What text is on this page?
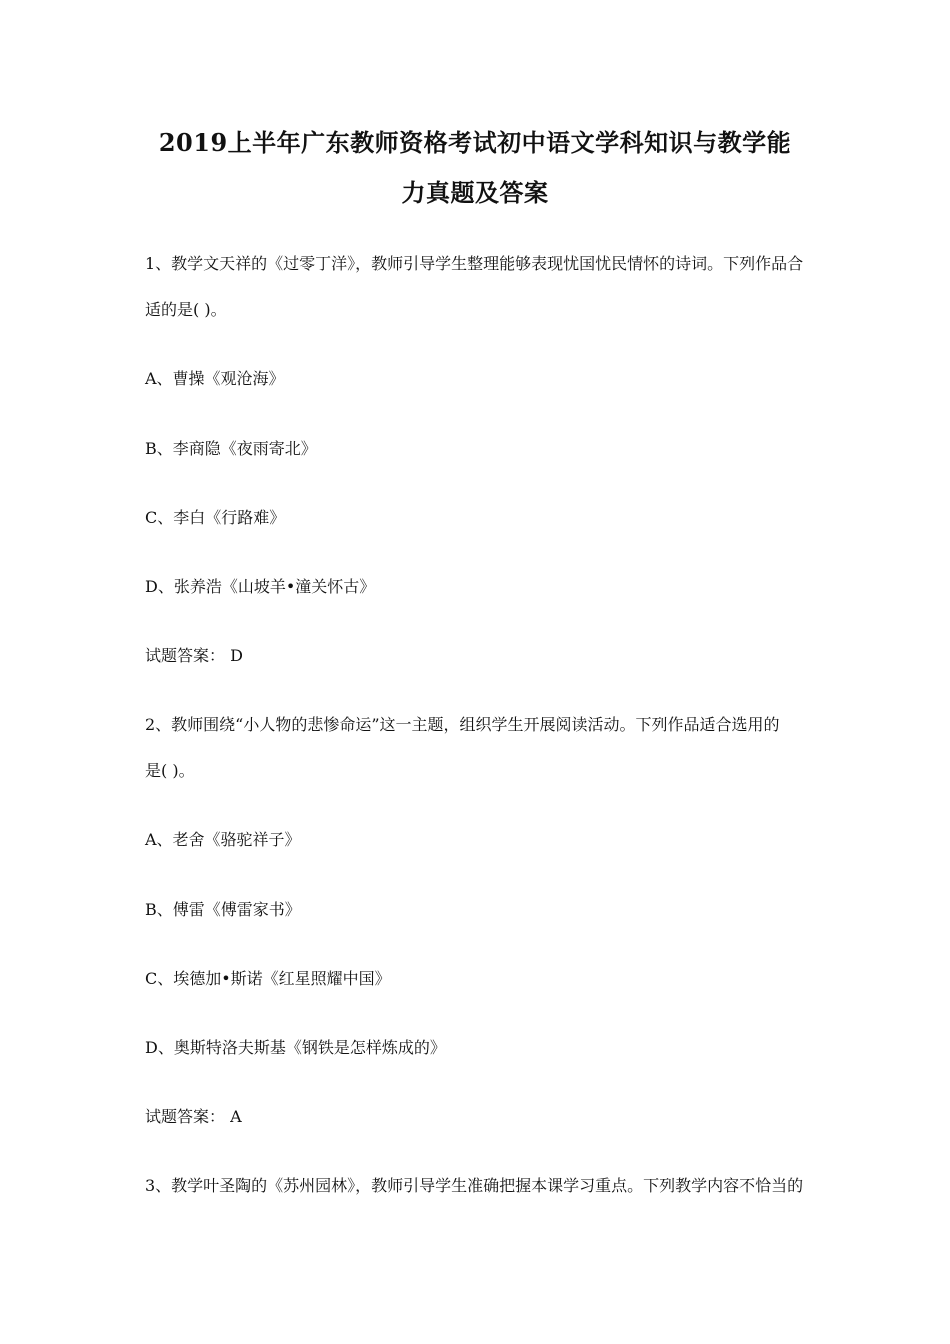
2019上半年广东教师资格考试初中语文学科知识与教学能
力真题及答案
1、教学文天祥的《过零丁洋》，教师引导学生整理能够表现忧国忧民情怀的诗词。下列作品合
适的是( )。
A、曹操《观沧海》
B、李商隐《夜雨寄北》
C、李白《行路难》
D、张养浩《山坡羊•潼关怀古》
试题答案： D
2、教师围绕“小人物的悲惨命运”这一主题，组织学生开展阅读活动。下列作品适合选用的
是( )。
A、老舍《骆驼祥子》
B、傅雷《傅雷家书》
C、埃德加•斯诺《红星照耀中国》
D、奥斯特洛夫斯基《钢铁是怎样炼成的》
试题答案： A
3、教学叶圣陶的《苏州园林》，教师引导学生准确把握本课学习重点。下列教学内容不恰当的
